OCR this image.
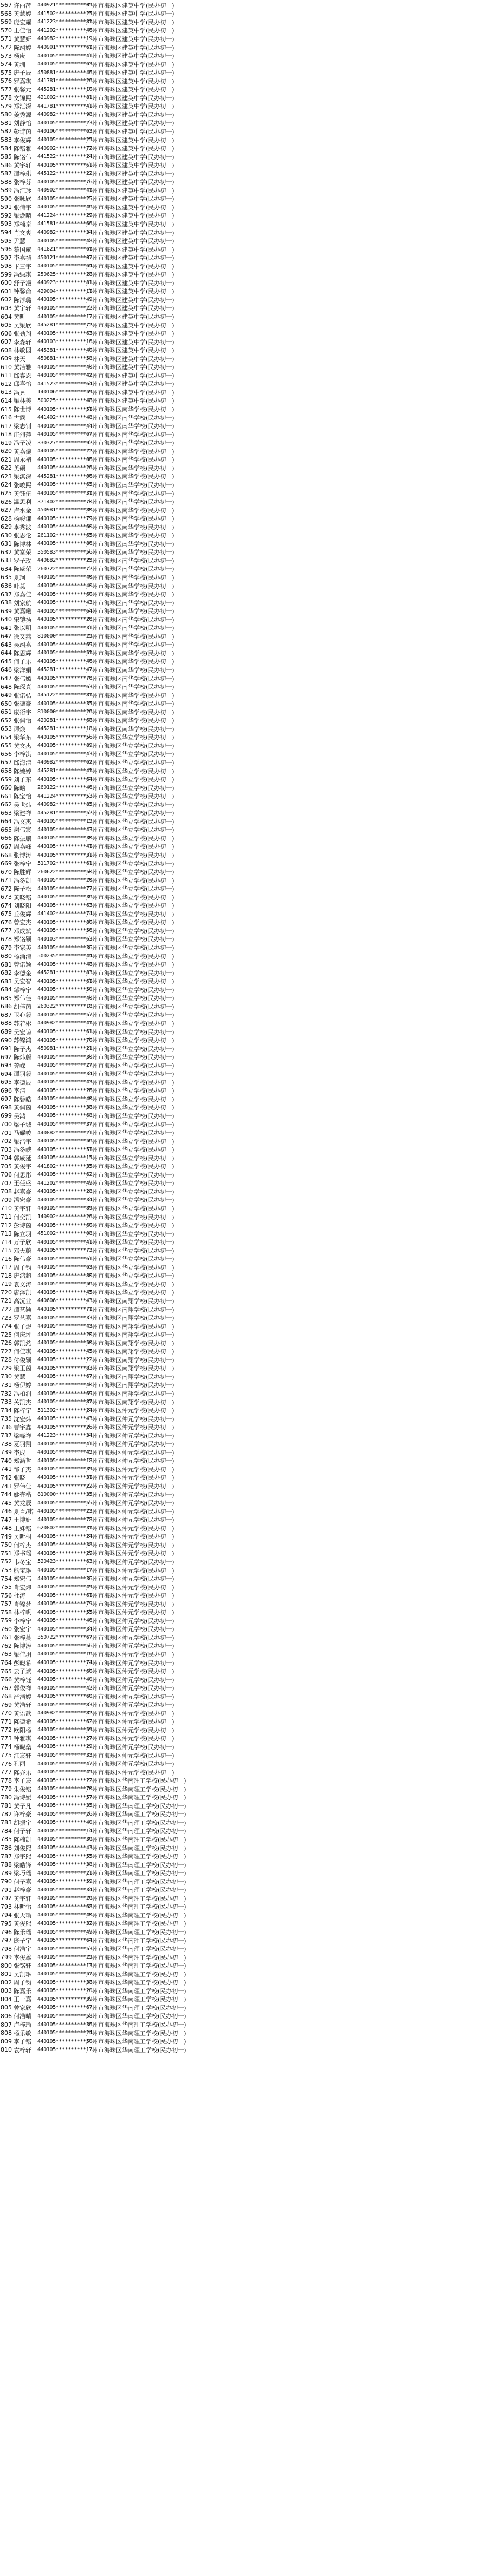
567 许丽萍	440921**********05
广州市海珠区建英中学(民办初一)
568 黄慧婷	441502**********25
广州市海珠区建英中学(民办初一)
569 庞宏耀	441223**********81
广州市海珠区建英中学(民办初一)
570 王佳怡	441202**********46
广州市海珠区建英中学(民办初一)
571 黄慧妍	440982**********19
广州市海珠区建英中学(民办初一)
572 陈翊婷	440901**********61
广州市海珠区建英中学(民办初一)
573 杨庚	440105**********41
广州市海珠区建英中学(民办初一)
574 黄圳	440105**********63
广州市海珠区建英中学(民办初一)
575 唐子辰	450881**********46
广州市海珠区建英中学(民办初一)
576 罗嘉琪	441781**********26
广州市海珠区建英中学(民办初一)
577 张馨元	445281**********10
广州市海珠区建英中学(民办初一)
578 文锦熙	421002**********81
广州市海珠区建英中学(民办初一)
579 郑汇深	441781**********41
广州市海珠区建英中学(民办初一)
580 姜秀源	440982**********98
广州市海珠区建英中学(民办初一)
581 刘静怡	440105**********23
广州市海珠区建英中学(民办初一)
582 彭诗茵	440106**********63
广州市海珠区建英中学(民办初一)
583 李俊辉	440105**********25
广州市海珠区建英中学(民办初一)
584 陈铭雅	440902**********72
广州市海珠区建英中学(民办初一)
585 陈铭伟	441522**********24
广州市海珠区建英中学(民办初一)
586 黄宇轩	440105**********61
广州市海珠区建英中学(民办初一)
587 谭梓琪	445122**********22
广州市海珠区建英中学(民办初一)
588 张梓芬	440105**********76
广州市海珠区建英中学(民办初一)
589 冯汇珍	440902**********41
广州市海珠区建英中学(民办初一)
590 张咏欣	440105**********25
广州市海珠区建英中学(民办初一)
591 张倩宇	440105**********46
广州市海珠区建英中学(民办初一)
592 梁焕晴	441224**********29
广州市海珠区建英中学(民办初一)
593 郑楠泰	441581**********66
广州市海珠区建英中学(民办初一)
594 肖文爽	440982**********34
广州市海珠区建英中学(民办初一)
595 尹慧	440105**********48
广州市海珠区建英中学(民办初一)
596 蔡国威	441821**********61
广州市海珠区建英中学(民办初一)
597 李嘉祯	450121**********07
广州市海珠区建英中学(民办初一)
598 卞三宇	440105**********64
广州市海珠区建英中学(民办初一)
599 冯绿琪	250625**********28
广州市海珠区建英中学(民办初一)
600 舒子漫	440923**********81
广州市海珠区建英中学(民办初一)
601 钟馨俞	429004**********11
广州市海珠区建英中学(民办初一)
602 陈淳璐	440105**********49
广州市海珠区建英中学(民办初一)
603 黄宇轩	440105**********22
广州市海珠区建英中学(民办初一)
604 黄昕	440105**********17
广州市海珠区建英中学(民办初一)
605 吴梁欣	445281**********72
广州市海珠区建英中学(民办初一)
606 张劲翔	440105**********63
广州市海珠区建英中学(民办初一)
607 李淼轩	440103**********16
广州市海珠区建英中学(民办初一)
608 林敏园	445381**********40
广州市海珠区建英中学(民办初一)
609 林天	450881**********58
广州市海珠区建英中学(民办初一)
610 黄洁雅	440105**********40
广州市海珠区建英中学(民办初一)
611 邱睿恩	440105**********42
广州市海珠区建英中学(民办初一)
612 邱喜怡	441523**********64
广州市海珠区建英中学(民办初一)
613 冯晃	140106**********59
广州市海珠区建英中学(民办初一)
614 梁林美	500225**********48
广州市海珠区建英中学(民办初一)
615 陈世博	440105**********51
广州市海珠区南华学校(民办初一)
616 古露	441402**********48
广州市海珠区南华学校(民办初一)
617 梁志钊	440105**********44
广州市海珠区南华学校(民办初一)
618 庄烈萍	440105**********67
广州市海珠区南华学校(民办初一)
619 冯子凌	330327**********92
广州市海珠区南华学校(民办初一)
620 黄嘉儀	440105**********22
广州市海珠区南华学校(民办初一)
621 周永褚	440105**********06
广州市海珠区南华学校(民办初一)
622 英硕	440105**********26
广州市海珠区南华学校(民办初一)
623 梁淇深	445281**********06
广州市海珠区南华学校(民办初一)
624 张峻熙	440105**********65
广州市海珠区南华学校(民办初一)
625 黄钰伍	440105**********31
广州市海珠区南华学校(民办初一)
626 温思利	371402**********70
广州市海珠区南华学校(民办初一)
627 卢水金	450981**********80
广州市海珠区南华学校(民办初一)
628 杨峻谦	440105**********79
广州市海珠区南华学校(民办初一)
629 李秀波	440105**********60
广州市海珠区南华学校(民办初一)
630 张思伦	261102**********65
广州市海珠区南华学校(民办初一)
631 陈博林	440105**********86
广州市海珠区南华学校(民办初一)
632 黄富荣	350583**********56
广州市海珠区南华学校(民办初一)
633 罗子玫	440882**********25
广州市海珠区南华学校(民办初一)
634 陈威荣	260722**********72
广州市海珠区南华学校(民办初一)
635 夏珂	440105**********40
广州市海珠区南华学校(民办初一)
636 叶莫	440105**********40
广州市海珠区南华学校(民办初一)
637 郑嘉佳	440105**********60
广州市海珠区南华学校(民办初一)
638 刘家航	440105**********43
广州市海珠区南华学校(民办初一)
639 黄嘉曦	440105**********64
广州市海珠区南华学校(民办初一)
640 宋铠扬	440105**********26
广州市海珠区南华学校(民办初一)
641 张以明	440105**********31
广州市海珠区南华学校(民办初一)
642 徐又燕	810000**********25
广州市海珠区南华学校(民办初一)
643 吴翊嘉	440105**********69
广州市海珠区南华学校(民办初一)
644 陈恩辉	440105**********51
广州市海珠区南华学校(民办初一)
645 何子乐	440105**********46
广州市海珠区南华学校(民办初一)
646 梁洋娟	445281**********47
广州市海珠区南华学校(民办初一)
647 张伟嫣	440105**********76
广州市海珠区南华学校(民办初一)
648 陈琛真	440105**********63
广州市海珠区南华学校(民办初一)
649 张诺弘	445122**********81
广州市海珠区南华学校(民办初一)
650 张德豪	440105**********35
广州市海珠区南华学校(民办初一)
651 康衍宇	810000**********26
广州市海珠区南华学校(民办初一)
652 张佩怡	420281**********68
广州市海珠区南华学校(民办初一)
653 谭焕	445281**********18
广州市海珠区南华学校(民办初一)
654 梁华东	440105**********56
广州市海珠区华立学校(民办初一)
655 黄文杰	440105**********89
广州市海珠区华立学校(民办初一)
656 李梓淇	440105**********43
广州市海珠区华立学校(民办初一)
657 邱海清	440982**********62
广州市海珠区华立学校(民办初一)
658 陈婉婷	445281**********41
广州市海珠区华立学校(民办初一)
659 刘子东	440105**********64
广州市海珠区华立学校(民办初一)
660 陈晗	260122**********46
广州市海珠区华立学校(民办初一)
661 陈宝怡	441224**********53
广州市海珠区华立学校(民办初一)
662 吴世炜	440982**********85
广州市海珠区华立学校(民办初一)
663 梁建祥	445281**********52
广州市海珠区华立学校(民办初一)
664 冯文杰	440105**********15
广州市海珠区华立学校(民办初一)
665 谢伟宸	440105**********43
广州市海珠区华立学校(民办初一)
666 陈振鹏	440105**********30
广州市海珠区华立学校(民办初一)
667 周嘉峰	440105**********41
广州市海珠区华立学校(民办初一)
668 张博涛	440105**********31
广州市海珠区华立学校(民办初一)
669 张梓宁	511702**********61
广州市海珠区华立学校(民办初一)
670 陈胜辉	260622**********50
广州市海珠区华立学校(民办初一)
671 冯冬凯	440105**********20
广州市海珠区华立学校(民办初一)
672 陈子松	440105**********77
广州市海珠区华立学校(民办初一)
673 黄晓铭	440105**********36
广州市海珠区华立学校(民办初一)
674 刘晓阳	440105**********63
广州市海珠区华立学校(民办初一)
675 丘俊辉	441402**********74
广州市海珠区华立学校(民办初一)
676 曾宏杰	440105**********80
广州市海珠区华立学校(民办初一)
677 邓成斌	440105**********56
广州市海珠区华立学校(民办初一)
678 郑铭颖	440103**********63
广州市海珠区华立学校(民办初一)
679 李家美	440105**********36
广州市海珠区华立学校(民办初一)
680 杨涌清	500235**********44
广州市海珠区华立学校(民办初一)
681 曾诺颖	440105**********48
广州市海珠区华立学校(民办初一)
682 李德金	445281**********83
广州市海珠区华立学校(民办初一)
683 吴宏智	440105**********61
广州市海珠区华立学校(民办初一)
684 邹梓宁	440105**********50
广州市海珠区华立学校(民办初一)
685 郑伟佳	440105**********40
广州市海珠区华立学校(民办初一)
686 胡佳茵	260322**********18
广州市海珠区华立学校(民办初一)
687 卫心毅	440105**********57
广州市海珠区华立学校(民办初一)
688 苏若彬	440982**********41
广州市海珠区华立学校(民办初一)
689 吴宏谅	440105**********61
广州市海珠区华立学校(民办初一)
690 苏锦鸿	440105**********70
广州市海珠区华立学校(民办初一)
691 陈子杰	450981**********21
广州市海珠区华立学校(民办初一)
692 陈炜蔚	440105**********30
广州市海珠区华立学校(民办初一)
693 芳嵘	440105**********27
广州市海珠区华立学校(民办初一)
694 谭羽毅	440105**********34
广州市海珠区华立学校(民办初一)
695 李德辰	440105**********43
广州市海珠区华立学校(民办初一)
696 李洁	440105**********26
广州市海珠区华立学校(民办初一)
697 陈磐皓	440105**********40
广州市海珠区华立学校(民办初一)
698 黄佩茵	440105**********38
广州市海珠区华立学校(民办初一)
699 吴鸿	440105**********68
广州市海珠区华立学校(民办初一)
700 梁子城	440105**********37
广州市海珠区华立学校(民办初一)
701 马耀峻	440882**********21
广州市海珠区华立学校(民办初一)
702 梁浩宇	440105**********56
广州市海珠区华立学校(民办初一)
703 冯冬峡	440105**********51
广州市海珠区华立学校(民办初一)
704 郭威延	440105**********15
广州市海珠区华立学校(民办初一)
705 黄俊宇	441802**********35
广州市海珠区华立学校(民办初一)
706 何思彤	440105**********62
广州市海珠区华立学校(民办初一)
707 王任盛	441202**********49
广州市海珠区华立学校(民办初一)
708 赵嘉豪	440105**********28
广州市海珠区华立学校(民办初一)
709 潘宏豪	440105**********34
广州市海珠区华立学校(民办初一)
710 黄宇轩	440105**********89
广州市海珠区华立学校(民办初一)
711 何奕凯	140902**********26
广州市海珠区华立学校(民办初一)
712 彭诗茵	440105**********60
广州市海珠区华立学校(民办初一)
713 陈立羽	451002**********08
广州市海珠区华立学校(民办初一)
714 万子欣	440105**********41
广州市海珠区华立学校(民办初一)
715 邓天蔚	440105**********73
广州市海珠区华立学校(民办初一)
716 陈伟豪	440105**********61
广州市海珠区华立学校(民办初一)
717 周子钧	440105**********63
广州市海珠区华立学校(民办初一)
718 唐鸿超	440105**********80
广州市海珠区华立学校(民办初一)
719 袁文涛	440105**********56
广州市海珠区华立学校(民办初一)
720 唐泽凯	440105**********45
广州市海珠区华立学校(民办初一)
721 高沅业	440606**********43
广州市海珠区南翔学校(民办初一)
722 谭艺颖	440105**********71
广州市海珠区南翔学校(民办初一)
723 罗艺嘉	440105**********33
广州市海珠区南翔学校(民办初一)
724 张子煜	440105**********43
广州市海珠区南翔学校(民办初一)
725 何庆坪	440105**********20
广州市海珠区南翔学校(民办初一)
726 郭凯然	440105**********50
广州市海珠区南翔学校(民办初一)
727 何佳琪	440105**********45
广州市海珠区南翔学校(民办初一)
728 付俊颖	440105**********22
广州市海珠区南翔学校(民办初一)
729 梁玉茵	440105**********83
广州市海珠区南翔学校(民办初一)
730 黄慧	440105**********67
广州市海珠区南翔学校(民办初一)
731 杨伊婷	440105**********40
广州市海珠区南翔学校(民办初一)
732 冯柏润	440105**********69
广州市海珠区南翔学校(民办初一)
733 关凯杰	440105**********87
广州市海珠区南翔学校(民办初一)
734 陈梓宁	511302**********24
广州市海珠区仲元学校(民办初一)
735 沈宏炜	440105**********43
广州市海珠区仲元学校(民办初一)
736 曹宇鑫	440105**********26
广州市海珠区仲元学校(民办初一)
737 梁峰祥	441223**********34
广州市海珠区仲元学校(民办初一)
738 夏羽翔	440105**********41
广州市海珠区仲元学校(民办初一)
739 李成	440105**********45
广州市海珠区仲元学校(民办初一)
740 郑涵哲	440105**********18
广州市海珠区仲元学校(民办初一)
741 邹子杰	440105**********39
广州市海珠区仲元学校(民办初一)
742 张晓	440105**********31
广州市海珠区仲元学校(民办初一)
743 罗伟佳	440105**********22
广州市海珠区仲元学校(民办初一)
744 姚壹楷	810000**********35
广州市海珠区仲元学校(民办初一)
745 黄龙辰	440105**********55
广州市海珠区仲元学校(民办初一)
746 夏百/琪 440105**********23
广州市海珠区仲元学校(民办初一)
747 王博妍	440105**********78
广州市海珠区仲元学校(民办初一)
748 王姝铭	620802**********31
广州市海珠区仲元学校(民办初一)
749 吴昕桐	440105**********24
广州市海珠区仲元学校(民办初一)
750 何梓杰	440105**********38
广州市海珠区仲元学校(民办初一)
751 郑书瑶	440105**********29
广州市海珠区仲元学校(民办初一)
752 韦冬宝	520423**********63
广州市海珠区仲元学校(民办初一)
753 熊宝琳	440105**********17
广州市海珠区仲元学校(民办初一)
754 郑宏伟	440105**********36
广州市海珠区仲元学校(民办初一)
755 肖宏炜	440105**********49
广州市海珠区仲元学校(民办初一)
756 杜涛	440105**********61
广州市海珠区仲元学校(民办初一)
757 肖锦梦	440105**********79
广州市海珠区仲元学校(民办初一)
758 林梓帆	440105**********55
广州市海珠区仲元学校(民办初一)
759 李梓宁	440105**********46
广州市海珠区仲元学校(民办初一)
760 张宏宇	440105**********34
广州市海珠区仲元学校(民办初一)
761 张梓蔓	350722**********67
广州市海珠区仲元学校(民办初一)
762 陈博涛	440105**********56
广州市海珠区仲元学校(民办初一)
763 梁佳玥	440105**********16
广州市海珠区仲元学校(民办初一)
764 彭晓希	440105**********74
广州市海珠区仲元学校(民办初一)
765 云子斌	440105**********60
广州市海珠区仲元学校(民办初一)
766 黄梓钰	440105**********40
广州市海珠区仲元学校(民办初一)
767 郭俊祥	440105**********42
广州市海珠区仲元学校(民办初一)
768 严浩婷	440105**********60
广州市海珠区仲元学校(民办初一)
769 黄浩轩	440105**********83
广州市海珠区仲元学校(民办初一)
770 黄语歆	440982**********82
广州市海珠区仲元学校(民办初一)
771 陈德希	440105**********62
广州市海珠区仲元学校(民办初一)
772 欧阳杨	440105**********59
广州市海珠区仲元学校(民办初一)
773 钟雅琪	440105**********27
广州市海珠区仲元学校(民办初一)
774 杨晓燊	440105**********29
广州市海珠区仲元学校(民办初一)
775 江宸轩	440105**********33
广州市海珠区仲元学校(民办初一)
776 孔丽	440105**********47
广州市海珠区仲元学校(民办初一)
777 陈亦乐	440105**********45
广州市海珠区仲元学校(民办初一)
778 李子宸	440105**********22
广州市海珠区华南理工学校(民办初一)
779 朱俊铭	440105**********70
广州市海珠区华南理工学校(民办初一)
780 冯诗媛	440105**********57
广州市海珠区华南理工学校(民办初一)
781 黄子凡	440105**********35
广州市海珠区华南理工学校(民办初一)
782 许梓豪	440105**********26
广州市海珠区华南理工学校(民办初一)
783 胡振宇	440105**********40
广州市海珠区华南理工学校(民办初一)
784 何子轩	440105**********14
广州市海珠区华南理工学校(民办初一)
785 陈楠凯	440105**********36
广州市海珠区华南理工学校(民办初一)
786 刘俊熙	440105**********43
广州市海珠区华南理工学校(民办初一)
787 郑宇熙	440105**********55
广州市海珠区华南理工学校(民办初一)
788 梁皓锋	440105**********38
广州市海珠区华南理工学校(民办初一)
789 梁巧瑶	440105**********21
广州市海珠区华南理工学校(民办初一)
790 何子嘉	440105**********59
广州市海珠区华南理工学校(民办初一)
791 赵梓豪	440105**********34
广州市海珠区华南理工学校(民办初一)
792 黄宇轩	440105**********26
广州市海珠区华南理工学校(民办初一)
793 林昕怡	440105**********68
广州市海珠区华南理工学校(民办初一)
794 张天瑜	440105**********40
广州市海珠区华南理工学校(民办初一)
795 黄俊熙	440105**********32
广州市海珠区华南理工学校(民办初一)
796 陈乐瑶	440105**********49
广州市海珠区华南理工学校(民办初一)
797 庞子宇	440105**********64
广州市海珠区华南理工学校(民办初一)
798 何浩宇	440105**********53
广州市海珠区华南理工学校(民办初一)
799 李俊雄	440105**********25
广州市海珠区华南理工学校(民办初一)
800 张铭轩	440105**********13
广州市海珠区华南理工学校(民办初一)
801 吴凯琳	440105**********57
广州市海珠区华南理工学校(民办初一)
802 周子钧	440105**********38
广州市海珠区华南理工学校(民办初一)
803 陈嘉乐	440105**********20
广州市海珠区华南理工学校(民办初一)
804 王一嘉	440105**********39
广州市海珠区华南理工学校(民办初一)
805 曾家欣	440105**********67
广州市海珠区华南理工学校(民办初一)
806 何浩晴	440105**********58
广州市海珠区华南理工学校(民办初一)
807 卢梓瑜	440105**********36
广州市海珠区华南理工学校(民办初一)
808 杨乐敏	440105**********24
广州市海珠区华南理工学校(民办初一)
809 李子铭	440105**********50
广州市海珠区华南理工学校(民办初一)
810 袁梓轩	440105**********17
广州市海珠区华南理工学校(民办初一)
